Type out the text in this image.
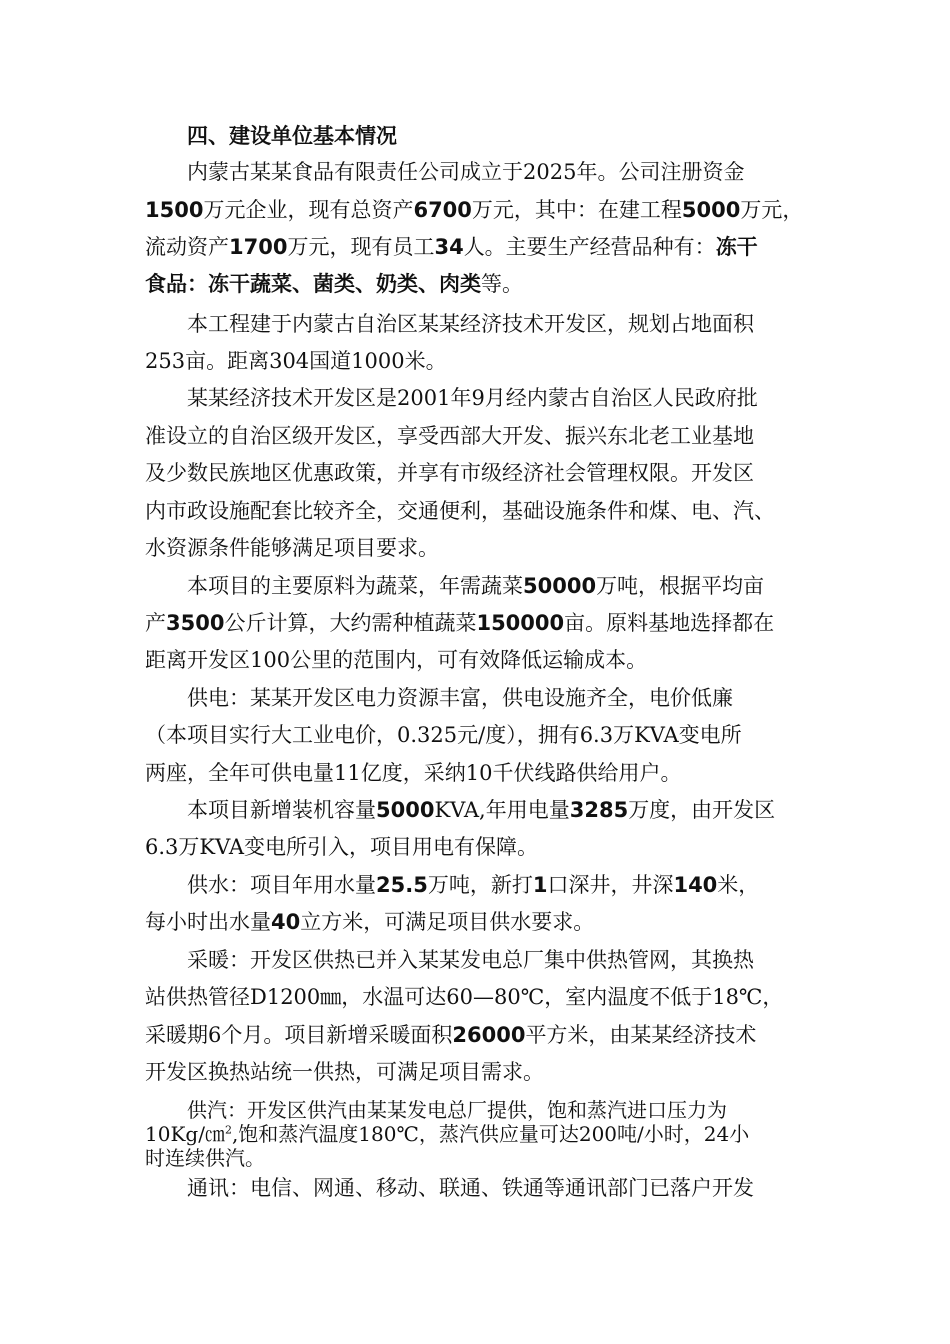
四、建设单位基本情况
内蒙古某某食品有限责任公司成立于2025年。公司注册资金
1500万元企业，现有总资产6700万元，其中：在建工程5000万元，
流动资产1700万元，现有员工34人。主要生产经营品种有：冻干
食品：冻干蔬菜、菌类、奶类、肉类等。
本工程建于内蒙古自治区某某经济技术开发区，规划占地面积
253亩。距离304国道1000米。
某某经济技术开发区是2001年9月经内蒙古自治区人民政府批
准设立的自治区级开发区，享受西部大开发、振兴东北老工业基地
及少数民族地区优惠政策，并享有市级经济社会管理权限。开发区
内市政设施配套比较齐全，交通便利，基础设施条件和煤、电、汽、
水资源条件能够满足项目要求。
本项目的主要原料为蔬菜，年需蔬菜50000万吨，根据平均亩
产3500公斤计算，大约需种植蔬菜150000亩。原料基地选择都在
距离开发区100公里的范围内，可有效降低运输成本。
供电：某某开发区电力资源丰富，供电设施齐全，电价低廉
（本项目实行大工业电价，0.325元/度），拥有6.3万KVA变电所
两座，全年可供电量11亿度，采纳10千伏线路供给用户。
本项目新增装机容量5000KVA,年用电量3285万度，由开发区
6.3万KVA变电所引入，项目用电有保障。
供水：项目年用水量25.5万吨，新打1口深井，井深140米，
每小时出水量40立方米，可满足项目供水要求。
采暖：开发区供热已并入某某发电总厂集中供热管网，其换热
站供热管径D1200㎜，水温可达60—80℃，室内温度不低于18℃，
采暖期6个月。项目新增采暖面积26000平方米，由某某经济技术
开发区换热站统一供热，可满足项目需求。
供汽：开发区供汽由某某发电总厂提供，饱和蒸汽进口压力为
10Kg/㎝$^2$,饱和蒸汽温度180℃，蒸汽供应量可达200吨/小时，24小
时连续供汽。
通讯：电信、网通、移动、联通、铁通等通讯部门已落户开发
